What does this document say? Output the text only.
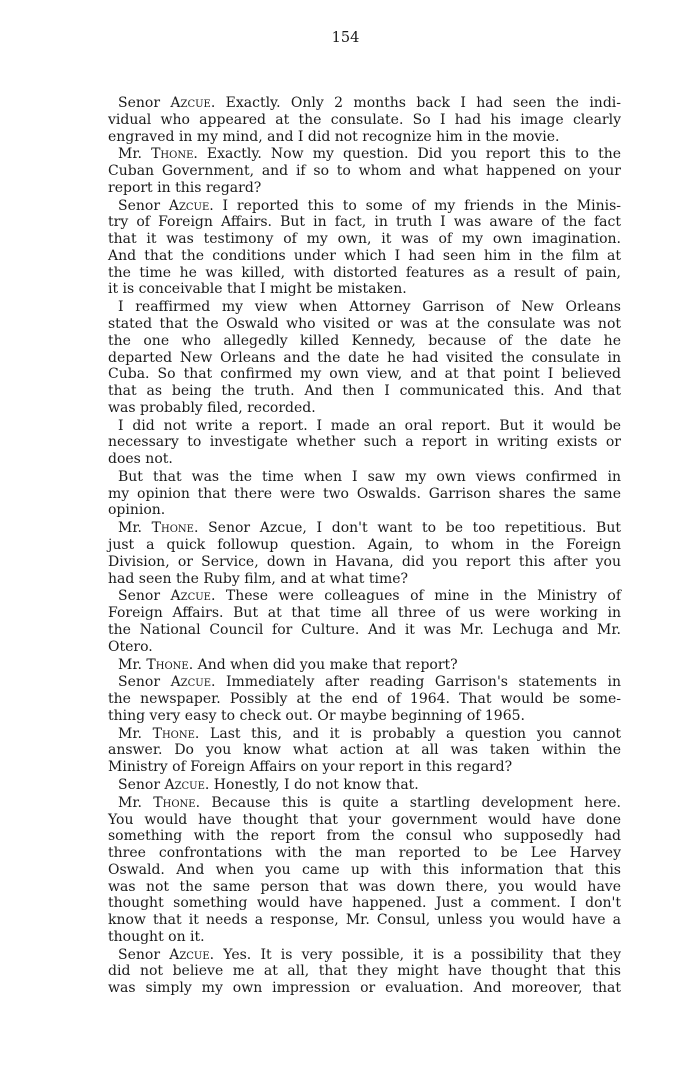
154
Senor Azcue. Exactly. Only 2 months back I had seen the indi-
vidual who appeared at the consulate. So I had his image clearly
engraved in my mind, and I did not recognize him in the movie.
Mr. Thone. Exactly. Now my question. Did you report this to the
Cuban Government, and if so to whom and what happened on your
report in this regard?
Senor Azcue. I reported this to some of my friends in the Minis-
try of Foreign Affairs. But in fact, in truth I was aware of the fact
that it was testimony of my own, it was of my own imagination.
And that the conditions under which I had seen him in the film at
the time he was killed, with distorted features as a result of pain,
it is conceivable that I might be mistaken.
I reaffirmed my view when Attorney Garrison of New Orleans
stated that the Oswald who visited or was at the consulate was not
the one who allegedly killed Kennedy, because of the date he
departed New Orleans and the date he had visited the consulate in
Cuba. So that confirmed my own view, and at that point I believed
that as being the truth. And then I communicated this. And that
was probably filed, recorded.
I did not write a report. I made an oral report. But it would be
necessary to investigate whether such a report in writing exists or
does not.
But that was the time when I saw my own views confirmed in
my opinion that there were two Oswalds. Garrison shares the same
opinion.
Mr. Thone. Senor Azcue, I don't want to be too repetitious. But
just a quick followup question. Again, to whom in the Foreign
Division, or Service, down in Havana, did you report this after you
had seen the Ruby film, and at what time?
Senor Azcue. These were colleagues of mine in the Ministry of
Foreign Affairs. But at that time all three of us were working in
the National Council for Culture. And it was Mr. Lechuga and Mr.
Otero.
Mr. Thone. And when did you make that report?
Senor Azcue. Immediately after reading Garrison's statements in
the newspaper. Possibly at the end of 1964. That would be some-
thing very easy to check out. Or maybe beginning of 1965.
Mr. Thone. Last this, and it is probably a question you cannot
answer. Do you know what action at all was taken within the
Ministry of Foreign Affairs on your report in this regard?
Senor Azcue. Honestly, I do not know that.
Mr. Thone. Because this is quite a startling development here.
You would have thought that your government would have done
something with the report from the consul who supposedly had
three confrontations with the man reported to be Lee Harvey
Oswald. And when you came up with this information that this
was not the same person that was down there, you would have
thought something would have happened. Just a comment. I don't
know that it needs a response, Mr. Consul, unless you would have a
thought on it.
Senor Azcue. Yes. It is very possible, it is a possibility that they
did not believe me at all, that they might have thought that this
was simply my own impression or evaluation. And moreover, that
